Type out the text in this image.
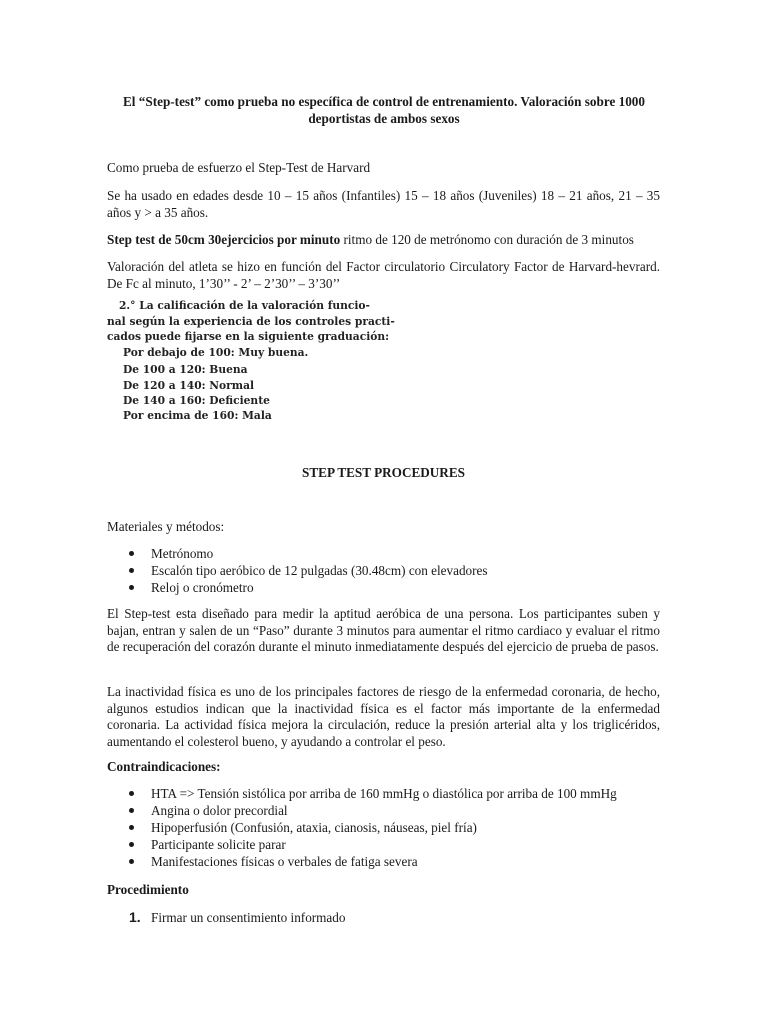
El “Step-test” como prueba no específica de control de entrenamiento. Valoración sobre 1000 deportistas de ambos sexos
Como prueba de esfuerzo el Step-Test de Harvard
Se ha usado en edades desde 10 – 15 años (Infantiles) 15 – 18 años (Juveniles) 18 – 21 años, 21 – 35 años y > a 35 años.
Step test de 50cm 30ejercicios por minuto ritmo de 120 de metrónomo con duración de 3 minutos
Valoración del atleta se hizo en función del Factor circulatorio Circulatory Factor de Harvard-hevrard. De Fc al minuto, 1’30’’ - 2’ – 2’30’’ – 3’30’’
2.° La calificación de la valoración funcio-
nal según la experiencia de los controles practi-
cados puede fijarse en la siguiente graduación:
Por debajo de 100: Muy buena.
De 100 a 120: Buena
De 120 a 140: Normal
De 140 a 160: Deficiente
Por encima de 160: Mala
STEP TEST PROCEDURES
Materiales y métodos:
Metrónomo
Escalón tipo aeróbico de 12 pulgadas (30.48cm) con elevadores
Reloj o cronómetro
El Step-test esta diseñado para medir la aptitud aeróbica de una persona. Los participantes suben y bajan, entran y salen de un “Paso” durante 3 minutos para aumentar el ritmo cardiaco y evaluar el ritmo de recuperación del corazón durante el minuto inmediatamente después del ejercicio de prueba de pasos.
La inactividad física es uno de los principales factores de riesgo de la enfermedad coronaria, de hecho, algunos estudios indican que la inactividad física es el factor más importante de la enfermedad coronaria. La actividad física mejora la circulación, reduce la presión arterial alta y los triglicéridos, aumentando el colesterol bueno, y ayudando a controlar el peso.
Contraindicaciones:
HTA => Tensión sistólica por arriba de 160 mmHg o diastólica por arriba de 100 mmHg
Angina o dolor precordial
Hipoperfusión (Confusión, ataxia, cianosis, náuseas, piel fría)
Participante solicite parar
Manifestaciones físicas o verbales de fatiga severa
Procedimiento
1. Firmar un consentimiento informado
